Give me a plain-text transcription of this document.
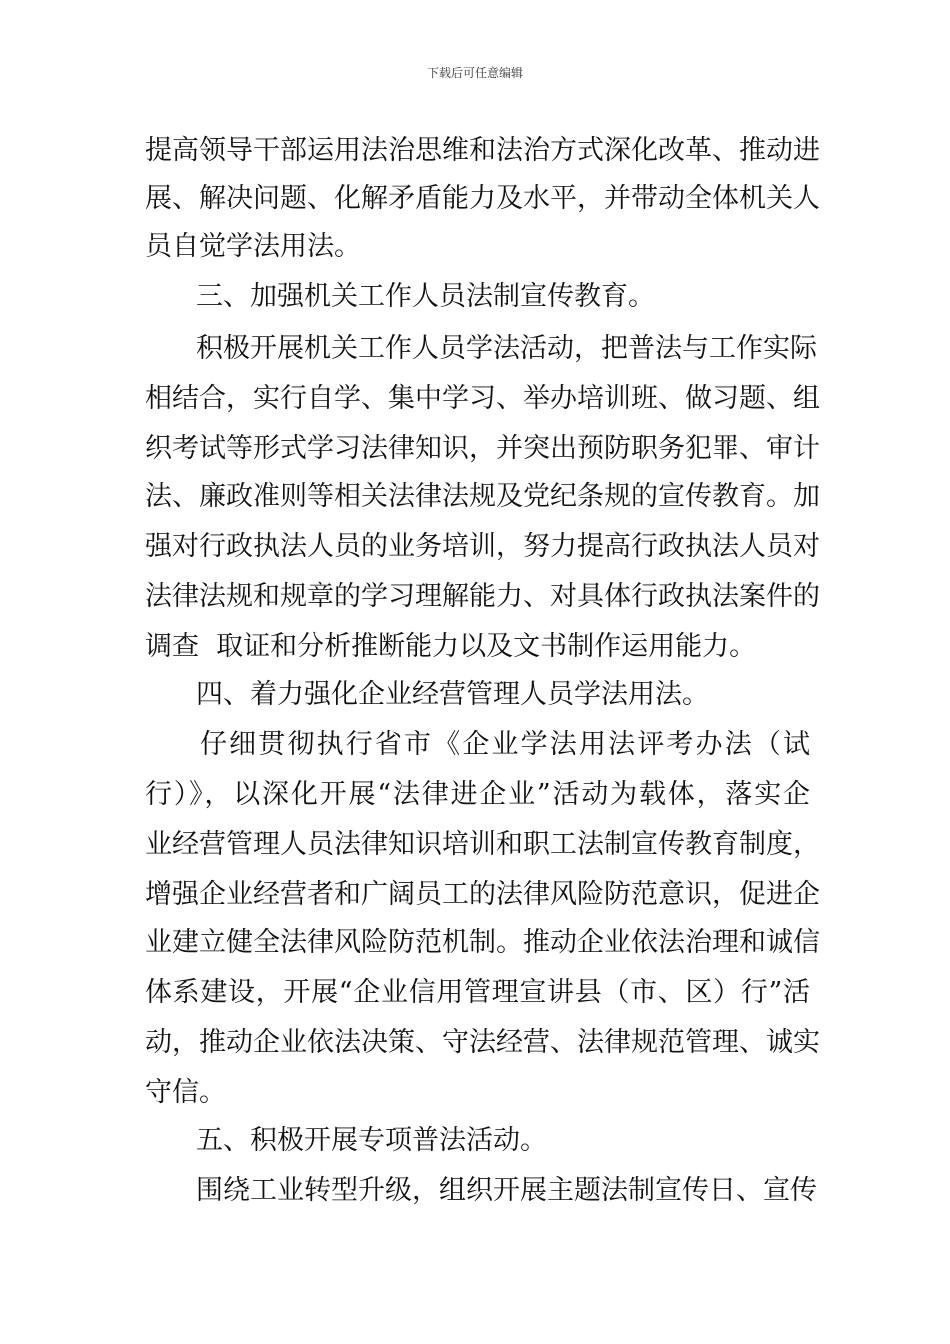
下载后可任意编辑
提高领导干部运用法治思维和法治方式深化改革、推动进
展、解决问题、化解矛盾能力及水平，并带动全体机关人
员自觉学法用法。
三、加强机关工作人员法制宣传教育。
积极开展机关工作人员学法活动，把普法与工作实际
相结合，实行自学、集中学习、举办培训班、做习题、组
织考试等形式学习法律知识，并突出预防职务犯罪、审计
法、廉政准则等相关法律法规及党纪条规的宣传教育。加
强对行政执法人员的业务培训，努力提高行政执法人员对
法律法规和规章的学习理解能力、对具体行政执法案件的
调查  取证和分析推断能力以及文书制作运用能力。
四、着力强化企业经营管理人员学法用法。
仔细贯彻执行省市《企业学法用法评考办法（试
行）》，以深化开展“法律进企业”活动为载体，落实企
业经营管理人员法律知识培训和职工法制宣传教育制度，
增强企业经营者和广阔员工的法律风险防范意识，促进企
业建立健全法律风险防范机制。推动企业依法治理和诚信
体系建设，开展“企业信用管理宣讲县（市、区）行”活
动，推动企业依法决策、守法经营、法律规范管理、诚实
守信。
五、积极开展专项普法活动。
围绕工业转型升级，组织开展主题法制宣传日、宣传
